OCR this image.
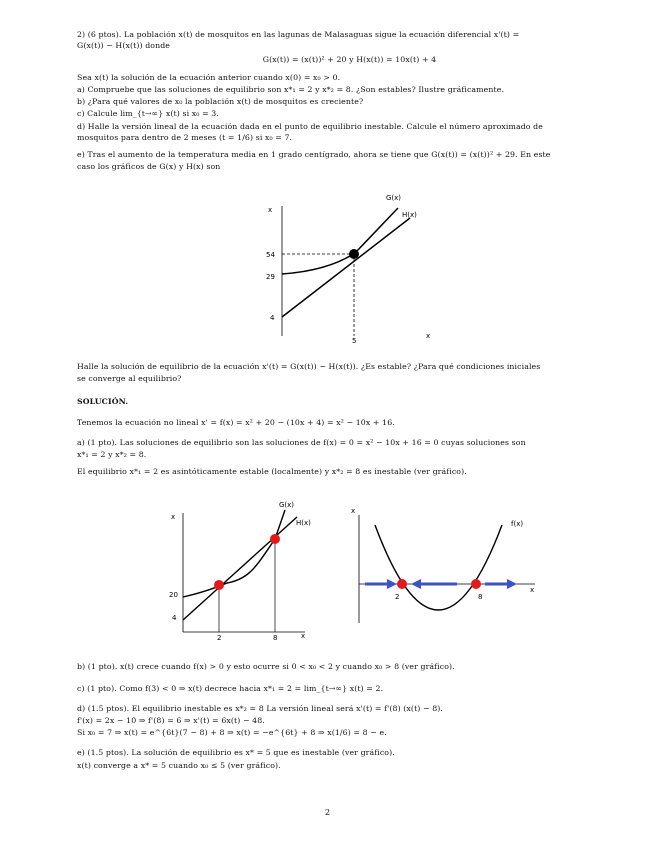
2) (6 ptos). La población x(t) de mosquitos en las lagunas de Malasaguas sigue la ecuación diferencial x'(t) =

G(x(t)) − H(x(t)) donde

G(x(t)) = (x(t))² + 20 y H(x(t)) = 10x(t) + 4

Sea x(t) la solución de la ecuación anterior cuando x(0) = x₀ > 0.

a) Compruebe que las soluciones de equilibrio son x*₁ = 2 y x*₂ = 8. ¿Son estables? Ilustre gráficamente.

b) ¿Para qué valores de x₀ la población x(t) de mosquitos es creciente?

c) Calcule lim_{t→∞} x(t) si x₀ = 3.

d) Halle la versión lineal de la ecuación dada en el punto de equilibrio inestable. Calcule el número aproximado de

mosquitos para dentro de 2 meses (t = 1/6) si x₀ = 7.

e) Tras el aumento de la temperatura media en 1 grado centígrado, ahora se tiene que G(x(t)) = (x(t))² + 29. En este

caso los gráficos de G(x) y H(x) son

x
x
54
29
4
5
G(x)
H(x)

Halle la solución de equilibrio de la ecuación x'(t) = G(x(t)) − H(x(t)). ¿Es estable? ¿Para qué condiciones iniciales

se converge al equilibrio?

SOLUCIÓN.

Tenemos la ecuación no lineal x' = f(x) = x² + 20 − (10x + 4) = x² − 10x + 16.

a) (1 pto). Las soluciones de equilibrio son las soluciones de f(x) = 0 = x² − 10x + 16 = 0 cuyas soluciones son

x*₁ = 2 y x*₂ = 8.

El equilibrio x*₁ = 2 es asintóticamente estable (localmente) y x*₂ = 8 es inestable (ver gráfico).

x
x
20
4
2	8
G(x)
H(x)
x
x
2	8
f(x)

b) (1 pto). x(t) crece cuando f(x) > 0 y esto ocurre si 0 < x₀ < 2 y cuando x₀ > 8 (ver gráfico).

c) (1 pto). Como f(3) < 0 ⇒ x(t) decrece hacia x*₁ = 2 = lim_{t→∞} x(t) = 2.

d) (1.5 ptos). El equilibrio inestable es x*₂ = 8 La versión lineal será x'(t) = f'(8) (x(t) − 8).

f'(x) = 2x − 10 ⇒ f'(8) = 6 ⇒ x'(t) = 6x(t) − 48.

Si x₀ = 7 ⇒ x(t) = e^{6t}(7 − 8) + 8 ⇒ x(t) = −e^{6t} + 8 ⇒ x(1/6) = 8 − e.

e) (1.5 ptos). La solución de equilibrio es x* = 5 que es inestable (ver gráfico).

x(t) converge a x* = 5 cuando x₀ ≤ 5 (ver gráfico).

2
